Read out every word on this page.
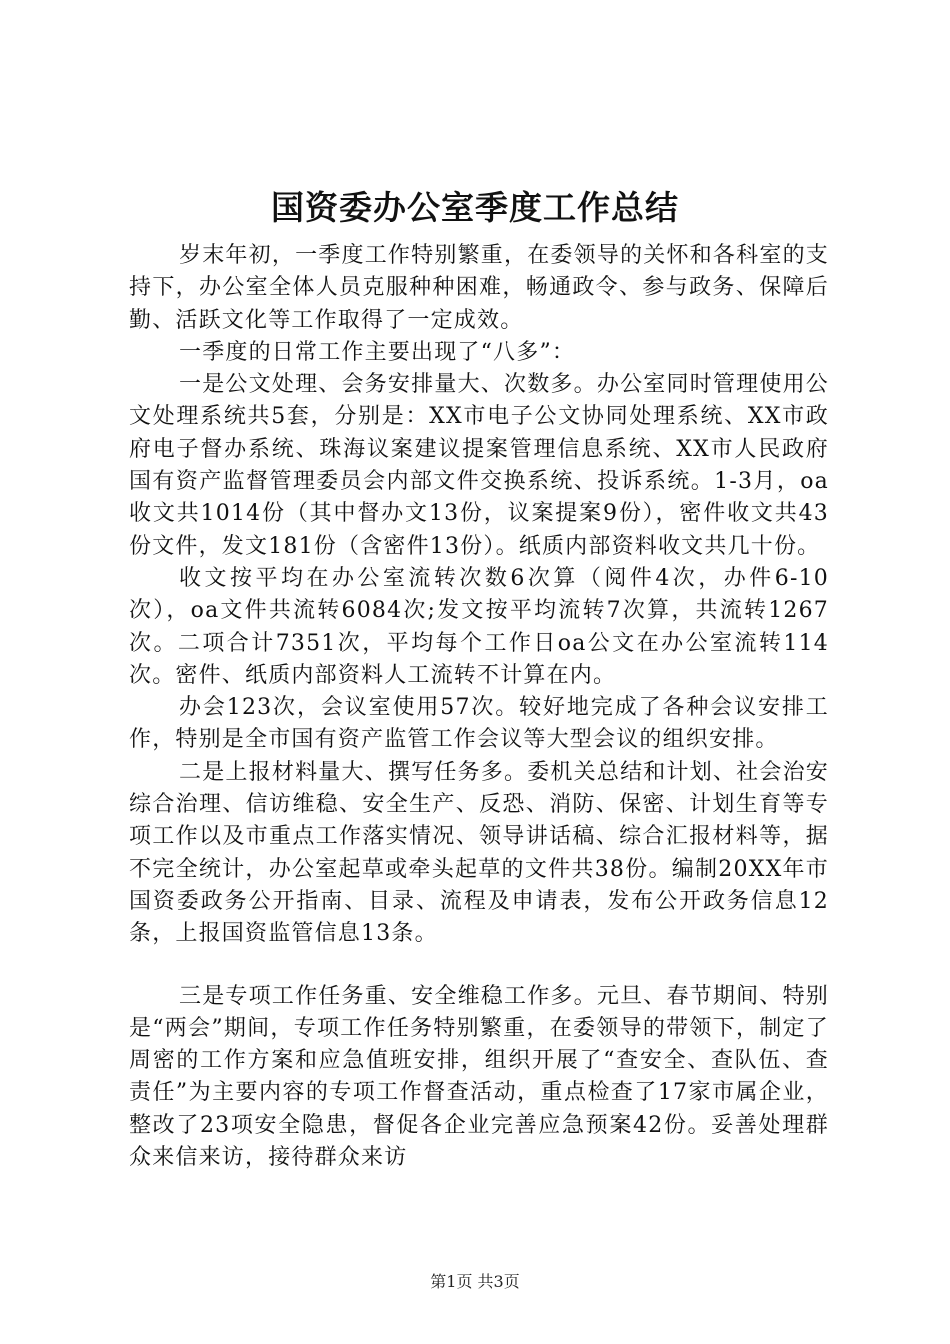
国资委办公室季度工作总结

岁末年初，一季度工作特别繁重，在委领导的关怀和各科室的支持下，办公室全体人员克服种种困难，畅通政令、参与政务、保障后勤、活跃文化等工作取得了一定成效。

一季度的日常工作主要出现了“八多”：

一是公文处理、会务安排量大、次数多。办公室同时管理使用公文处理系统共5套，分别是：XX市电子公文协同处理系统、XX市政府电子督办系统、珠海议案建议提案管理信息系统、XX市人民政府国有资产监督管理委员会内部文件交换系统、投诉系统。1-3月，oa收文共1014份（其中督办文13份，议案提案9份），密件收文共43份文件，发文181份（含密件13份）。纸质内部资料收文共几十份。

收文按平均在办公室流转次数6次算（阅件4次，办件6-10次），oa文件共流转6084次;发文按平均流转7次算，共流转1267次。二项合计7351次，平均每个工作日oa公文在办公室流转114次。密件、纸质内部资料人工流转不计算在内。

办会123次，会议室使用57次。较好地完成了各种会议安排工作，特别是全市国有资产监管工作会议等大型会议的组织安排。

二是上报材料量大、撰写任务多。委机关总结和计划、社会治安综合治理、信访维稳、安全生产、反恐、消防、保密、计划生育等专项工作以及市重点工作落实情况、领导讲话稿、综合汇报材料等，据不完全统计，办公室起草或牵头起草的文件共38份。编制20XX年市国资委政务公开指南、目录、流程及申请表，发布公开政务信息12条，上报国资监管信息13条。

三是专项工作任务重、安全维稳工作多。元旦、春节期间、特别是“两会”期间，专项工作任务特别繁重，在委领导的带领下，制定了周密的工作方案和应急值班安排，组织开展了“查安全、查队伍、查责任”为主要内容的专项工作督查活动，重点检查了17家市属企业，整改了23项安全隐患，督促各企业完善应急预案42份。妥善处理群众来信来访，接待群众来访

第1页 共3页
